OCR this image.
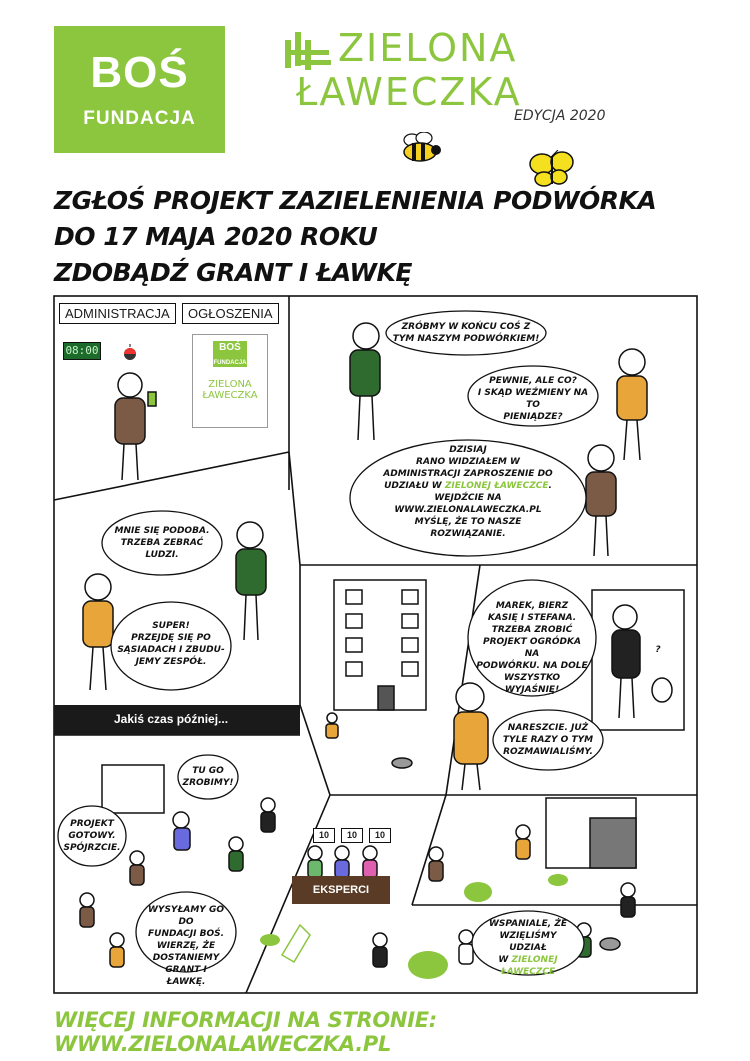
BOŚ
FUNDACJA
ZIELONA
ŁAWECZKA
EDYCJA 2020
ZGŁOŚ PROJEKT ZAZIELENIENIA PODWÓRKA
DO 17 MAJA 2020 ROKU
ZDOBĄDŹ GRANT I ŁAWKĘ
ADMINISTRACJA	OGŁOSZENIA
08:00	BOŚ
FUNDACJA
ZIELONA
ŁAWECZKA
ZRÓBMY W KOŃCU COŚ Z
TYM NASZYM PODWÓRKIEM!
PEWNIE, ALE CO?
I SKĄD WEŹMIENY NA TO
PIENIĄDZE?
DZISIAJ
RANO WIDZIAŁEM W
ADMINISTRACJI ZAPROSZENIE DO
UDZIAŁU W ZIELONEJ ŁAWECZCE.
WEJDŹCIE NA
WWW.ZIELONALAWECZKA.PL
MYŚLĘ, ŻE TO NASZE
ROZWIĄZANIE.
MNIE SIĘ PODOBA.
TRZEBA ZEBRAĆ
LUDZI.
SUPER!
PRZEJDĘ SIĘ PO
SĄSIADACH I ZBUDU-
JEMY ZESPÓŁ.
Jakiś czas później...
MAREK, BIERZ
KASIĘ I STEFANA.
TRZEBA ZROBIĆ
PROJEKT OGRÓDKA NA
PODWÓRKU. NA DOLE
WSZYSTKO WYJAŚNIĘ!
NARESZCIE. JUŻ
TYLE RAZY O TYM
ROZMAWIALIŚMY.
?
TU GO
ZROBIMY!
PROJEKT
GOTOWY.
SPÓJRZCIE.
WYSYŁAMY GO DO
FUNDACJI BOŚ.
WIERZĘ, ŻE
DOSTANIEMY GRANT I
ŁAWKĘ.
10	10	10
EKSPERCI
WSPANIALE, ŻE
WZIĘLIŚMY UDZIAŁ
W ZIELONEJ
ŁAWECZCE
WIĘCEJ INFORMACJI NA STRONIE: WWW.ZIELONALAWECZKA.PL
